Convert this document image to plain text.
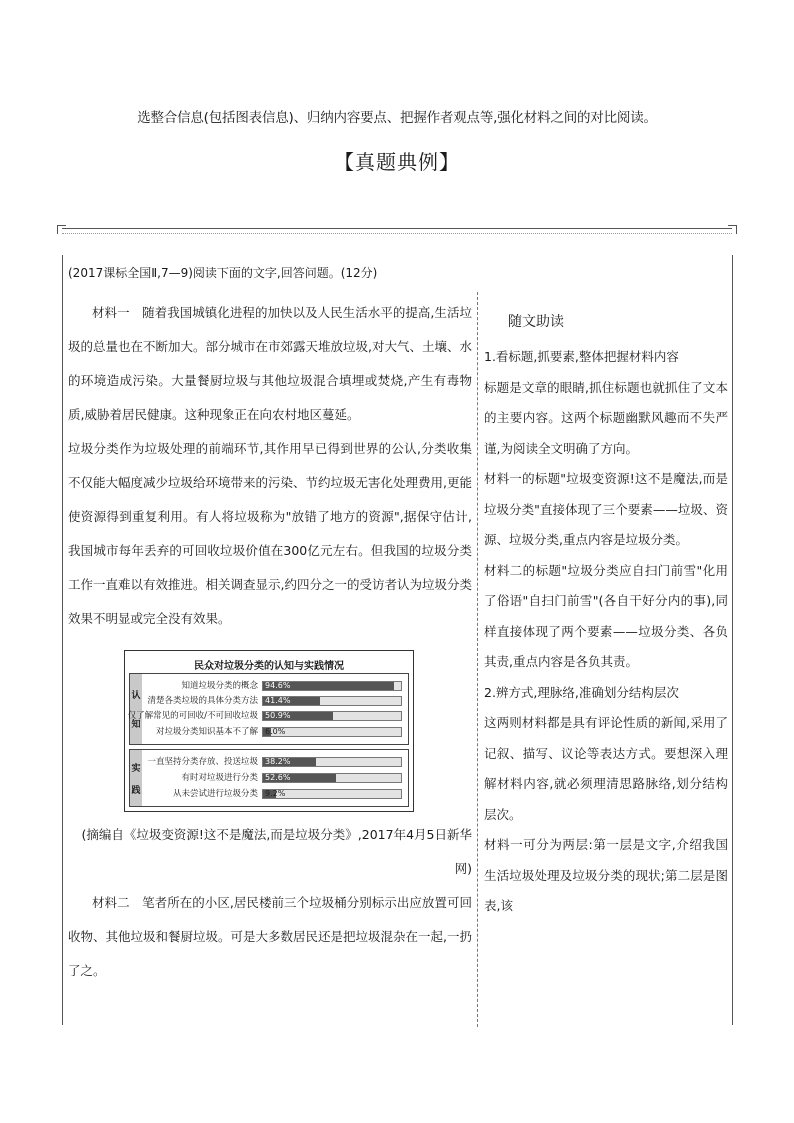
选整合信息(包括图表信息)、归纳内容要点、把握作者观点等,强化材料之间的对比阅读。
【真题典例】
(2017课标全国Ⅱ,7—9)阅读下面的文字,回答问题。(12分)

材料一　随着我国城镇化进程的加快以及人民生活水平的提高,生活垃圾的总量也在不断加大。部分城市在市郊露天堆放垃圾,对大气、土壤、水的环境造成污染。大量餐厨垃圾与其他垃圾混合填埋或焚烧,产生有毒物质,威胁着居民健康。这种现象正在向农村地区蔓延。

垃圾分类作为垃圾处理的前端环节,其作用早已得到世界的公认,分类收集不仅能大幅度减少垃圾给环境带来的污染、节约垃圾无害化处理费用,更能使资源得到重复利用。有人将垃圾称为"放错了地方的资源",据保守估计,我国城市每年丢弃的可回收垃圾价值在300亿元左右。但我国的垃圾分类工作一直难以有效推进。相关调查显示,约四分之一的受访者认为垃圾分类效果不明显或完全没有效果。

民众对垃圾分类的认知与实践情况
认
知
知道垃圾分类的概念 94.6%
清楚各类垃圾的具体分类方法 41.4%
仅了解常见的可回收/不可回收垃圾 50.9%
对垃圾分类知识基本不了解 6.0%
实
践
一直坚持分类存放、投送垃圾 38.2%
有时对垃圾进行分类 52.6%
从未尝试进行垃圾分类 9.2%

(摘编自《垃圾变资源!这不是魔法,而是垃圾分类》,2017年4月5日新华网)

材料二　笔者所在的小区,居民楼前三个垃圾桶分别标示出应放置可回收物、其他垃圾和餐厨垃圾。可是大多数居民还是把垃圾混杂在一起,一扔了之。

随文助读

1.看标题,抓要素,整体把握材料内容

标题是文章的眼睛,抓住标题也就抓住了文本的主要内容。这两个标题幽默风趣而不失严谨,为阅读全文明确了方向。

材料一的标题"垃圾变资源!这不是魔法,而是垃圾分类"直接体现了三个要素——垃圾、资源、垃圾分类,重点内容是垃圾分类。

材料二的标题"垃圾分类应自扫门前雪"化用了俗语"自扫门前雪"(各自干好分内的事),同样直接体现了两个要素——垃圾分类、各负其责,重点内容是各负其责。

2.辨方式,理脉络,准确划分结构层次

这两则材料都是具有评论性质的新闻,采用了记叙、描写、议论等表达方式。要想深入理解材料内容,就必须理清思路脉络,划分结构层次。

材料一可分为两层:第一层是文字,介绍我国生活垃圾处理及垃圾分类的现状;第二层是图表,该
